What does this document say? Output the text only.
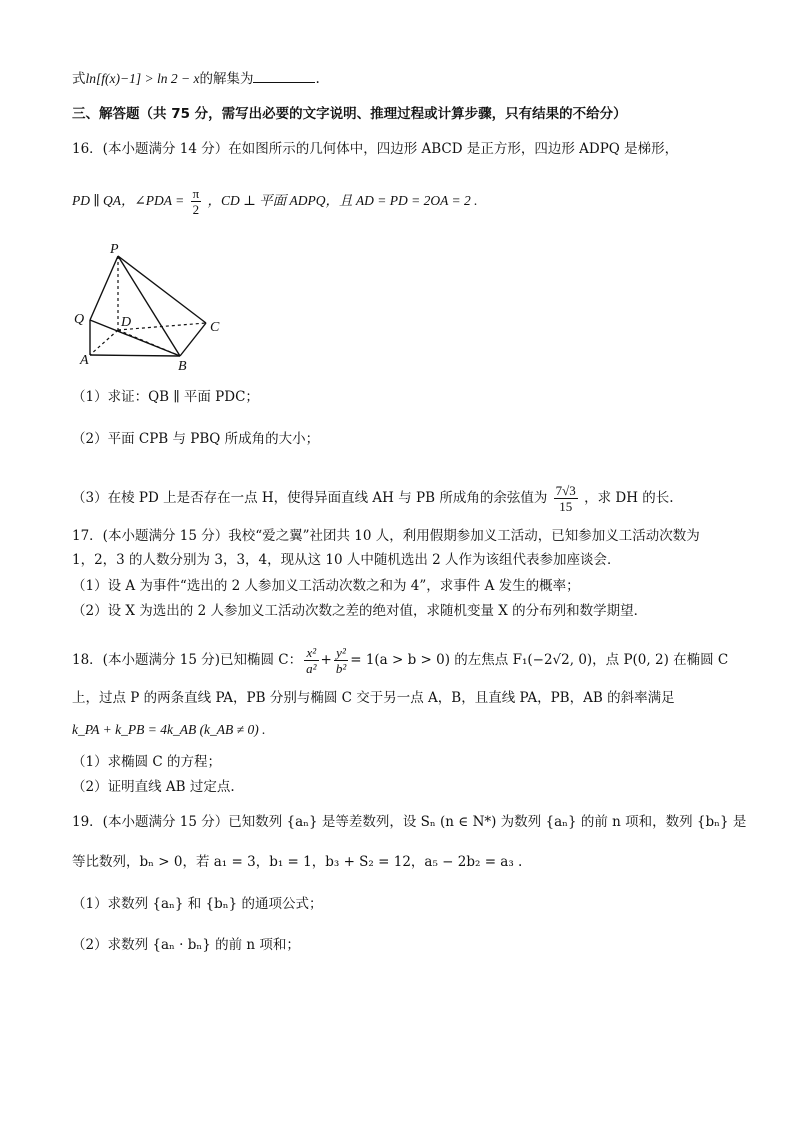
式ln[f(x)−1] > ln 2 − x的解集为	.
三、解答题（共 75 分，需写出必要的文字说明、推理过程或计算步骤，只有结果的不给分）
16．(本小题满分 14 分）在如图所示的几何体中，四边形 ABCD 是正方形，四边形 ADPQ 是梯形，
PD ∥ QA，∠PDA = $\frac{\pi}{2}$ ，CD ⊥ 平面 ADPQ，且 AD = PD = 2OA = 2 .
P
Q	D	C
A	B
（1）求证：QB ∥ 平面 PDC；
（2）平面 CPB 与 PBQ 所成角的大小；
（3）在棱 PD 上是否存在一点 H，使得异面直线 AH 与 PB 所成角的余弦值为 $\frac{7√3}{15}$ ，求 DH 的长.
17．(本小题满分 15 分）我校“爱之翼”社团共 10 人，利用假期参加义工活动，已知参加义工活动次数为
1，2，3 的人数分别为 3，3，4，现从这 10 人中随机选出 2 人作为该组代表参加座谈会．
（1）设 A 为事件“选出的 2 人参加义工活动次数之和为 4”，求事件 A 发生的概率；
（2）设 X 为选出的 2 人参加义工活动次数之差的绝对值，求随机变量 X 的分布列和数学期望．
18．(本小题满分 15 分)已知椭圆 C： $\frac{\text{x²}}{\text{a²}} + \frac{\text{y²}}{\text{b²}} = 1(a > b > 0)$ 的左焦点 F₁(−2√2, 0)，点 P(0, 2) 在椭圆 C
上，过点 P 的两条直线 PA，PB 分别与椭圆 C 交于另一点 A，B，且直线 PA，PB，AB 的斜率满足
k_PA + k_PB = 4k_AB (k_AB ≠ 0) .
（1）求椭圆 C 的方程；
（2）证明直线 AB 过定点.
19．(本小题满分 15 分）已知数列 {aₙ} 是等差数列，设 Sₙ (n ∈ N*) 为数列 {aₙ} 的前 n 项和，数列 {bₙ} 是
等比数列，bₙ > 0，若 a₁ = 3，b₁ = 1，b₃ + S₂ = 12，a₅ − 2b₂ = a₃ .
（1）求数列 {aₙ} 和 {bₙ} 的通项公式；
（2）求数列 {aₙ · bₙ} 的前 n 项和；
